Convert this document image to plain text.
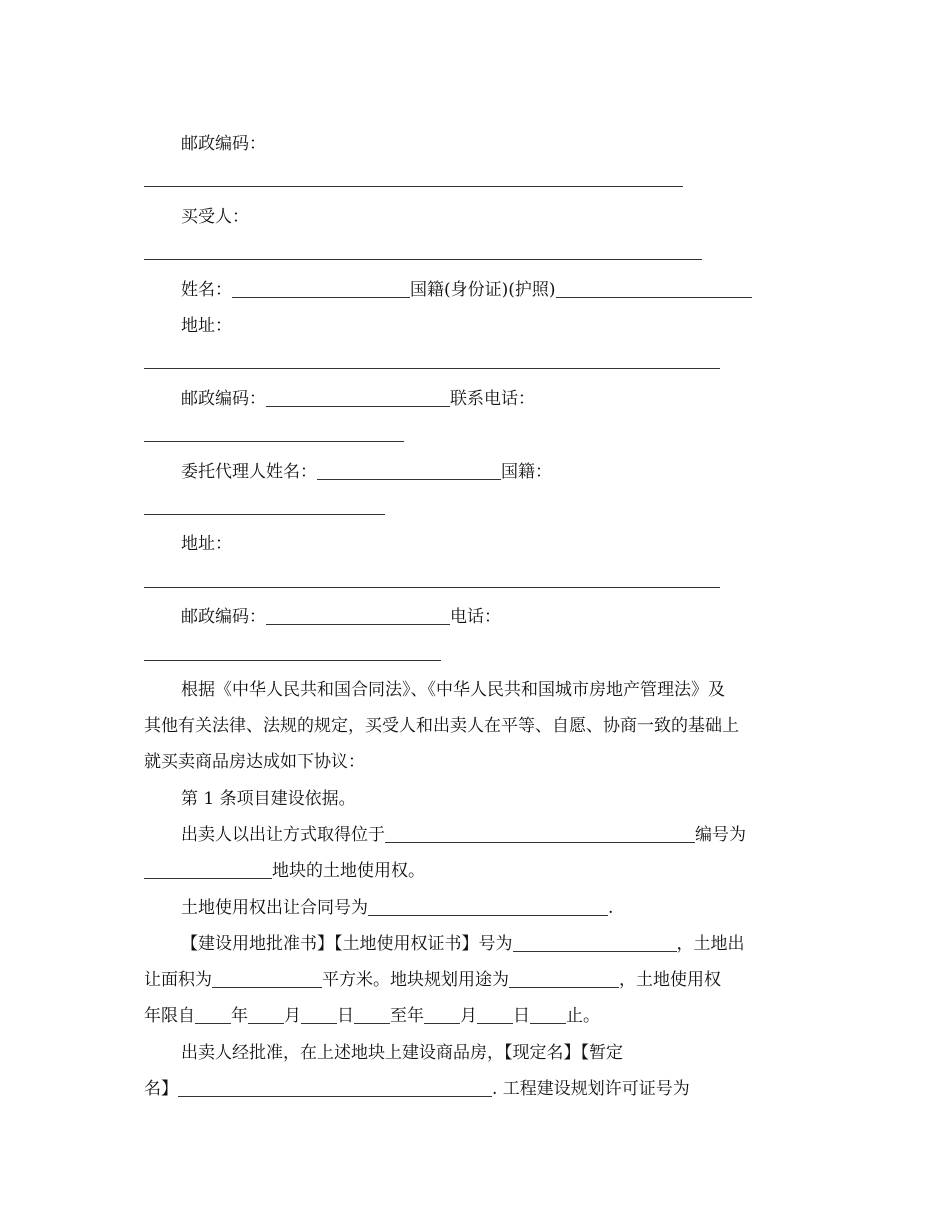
邮政编码：

买受人：

姓名：	国籍(身份证)(护照)

地址：

邮政编码：	联系电话：

委托代理人姓名：	国籍：

地址：

邮政编码：	电话：

根据《中华人民共和国合同法》、《中华人民共和国城市房地产管理法》及

其他有关法律、法规的规定，买受人和出卖人在平等、自愿、协商一致的基础上

就买卖商品房达成如下协议：

第 1 条项目建设依据。

出卖人以出让方式取得位于	编号为

地块的土地使用权。

土地使用权出让合同号为	.

【建设用地批准书】【土地使用权证书】号为	，土地出

让面积为	平方米。地块规划用途为	，土地使用权

年限自 年 月 日 至年 月 日 止。

出卖人经批准，在上述地块上建设商品房，【现定名】【暂定

名】	. 工程建设规划许可证号为
